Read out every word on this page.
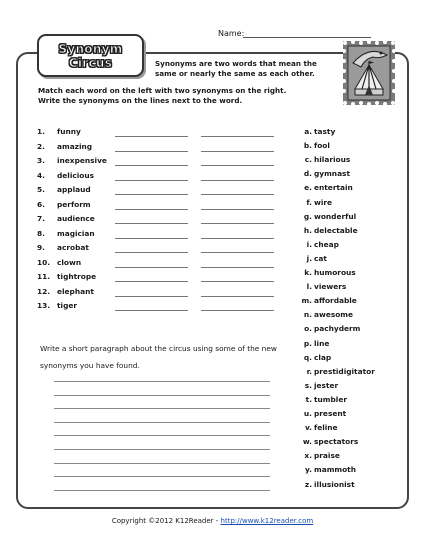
Name:
Synonym
Circus	Synonyms are two words that mean the same or nearly the same as each other.
Match each word on the left with two synonyms on the right. Write the synonyms on the lines next to the word.
1.	funny
2.	amazing
3.	inexpensive
4.	delicious
5.	applaud
6.	perform
7.	audience
8.	magician
9.	acrobat
10. clown
11. tightrope
12. elephant
13. tiger
a. tasty
b. fool
c. hilarious
d. gymnast
e. entertain
f. wire
g. wonderful
h. delectable
i. cheap
j. cat
k. humorous
l. viewers
m. affordable
n. awesome
o. pachyderm
p. line
q. clap
r. prestidigitator
s. jester
t. tumbler
u. present
v. feline
w. spectators
x. praise
y. mammoth
z. illusionist
Write a short paragraph about the circus using some of the new synonyms you have found.
Copyright ©2012 K12Reader - http://www.k12reader.com
